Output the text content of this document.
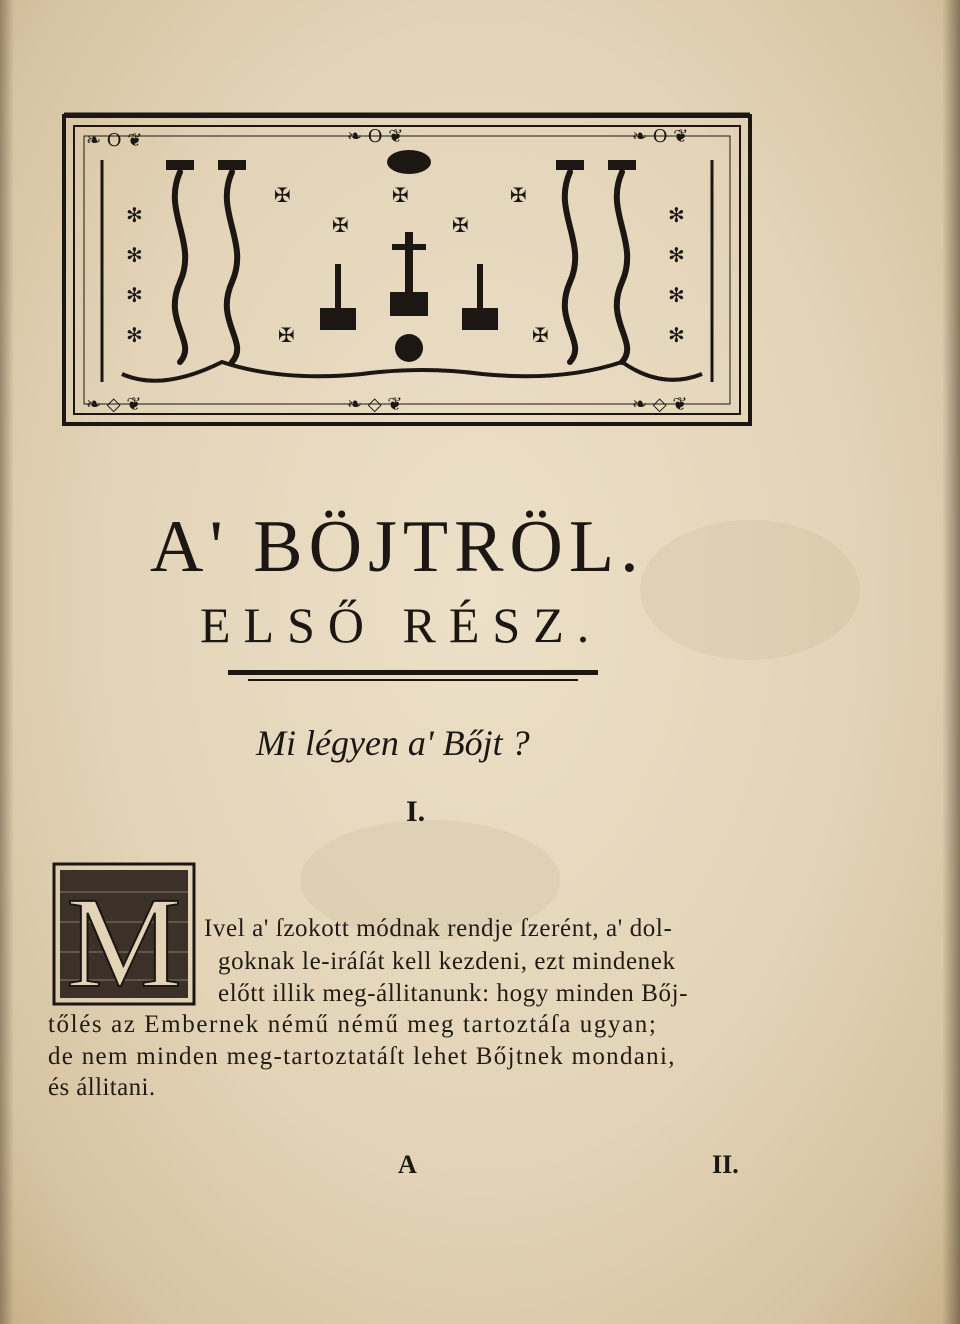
❧ O ❦	❧ O ❦	❧ O ❦
❧ ◇ ❦	❧ ◇ ❦	❧ ◇ ❦
✻
✻
✻
✻
✻
✻
✻
✻
✠
✠
✠
✠
✠
✠	✠
A' BÖJTRÖL.
ELSŐ RÉSZ.

Mi légyen a' Bőjt ?

I.

M Ivel a' ſzokott módnak rendje ſzerént, a' dol-

goknak le-iráſát kell kezdeni, ezt mindenek

előtt illik meg-állitanunk: hogy minden Bőj-

tőlés az Embernek némű némű meg tartoztáſa ugyan;

de nem minden meg-tartoztatáſt lehet Bőjtnek mondani,

és állitani.

A	II.
